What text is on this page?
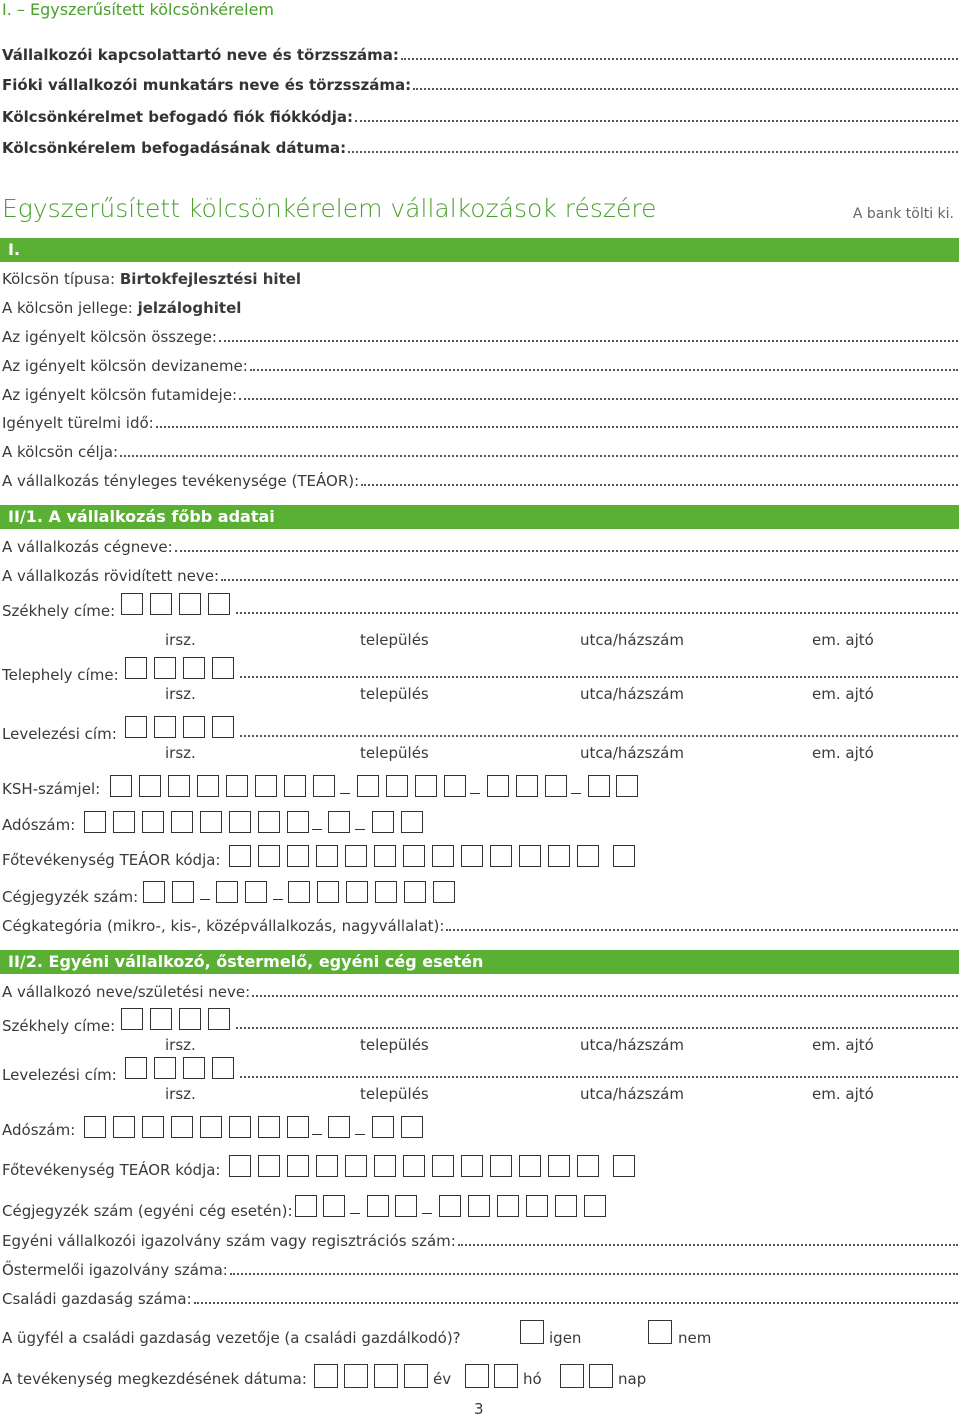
I. – Egyszerűsített kölcsönkérelem
Vállalkozói kapcsolattartó neve és törzsszáma:
Fióki vállalkozói munkatárs neve és törzsszáma:
Kölcsönkérelmet befogadó fiók fiókkódja:
Kölcsönkérelem befogadásának dátuma:
Egyszerűsített kölcsönkérelem vállalkozások részére	A bank tölti ki.
I.
Kölcsön típusa:
Birtokfejlesztési hitel
A kölcsön jellege:
jelzáloghitel
Az igényelt kölcsön összege:
Az igényelt kölcsön devizaneme:
Az igényelt kölcsön futamideje:
Igényelt türelmi idő:
A kölcsön célja:
A vállalkozás tényleges tevékenysége (TEÁOR):
II/1. A vállalkozás főbb adatai
A vállalkozás cégneve:
A vállalkozás rövidített neve:
Székhely címe:
irsz.	település	utca/házszám	em. ajtó
Telephely címe:
irsz.	település	utca/házszám	em. ajtó
Levelezési cím:
irsz.	település	utca/házszám	em. ajtó
KSH-számjel:
Adószám:
Főtevékenység TEÁOR kódja:
Cégjegyzék szám:
Cégkategória (mikro-, kis-, középvállalkozás, nagyvállalat):
II/2. Egyéni vállalkozó, őstermelő, egyéni cég esetén
A vállalkozó neve/születési neve:
Székhely címe:
irsz.	település	utca/házszám	em. ajtó
Levelezési cím:
irsz.	település	utca/házszám	em. ajtó
Adószám:
Főtevékenység TEÁOR kódja:
Cégjegyzék szám (egyéni cég esetén):
Egyéni vállalkozói igazolvány szám vagy regisztrációs szám:
Őstermelői igazolvány száma:
Családi gazdaság száma:
A ügyfél a családi gazdaság vezetője (a családi gazdálkodó)?	igen	nem
A tevékenység megkezdésének dátuma:	év	hó	nap
3
